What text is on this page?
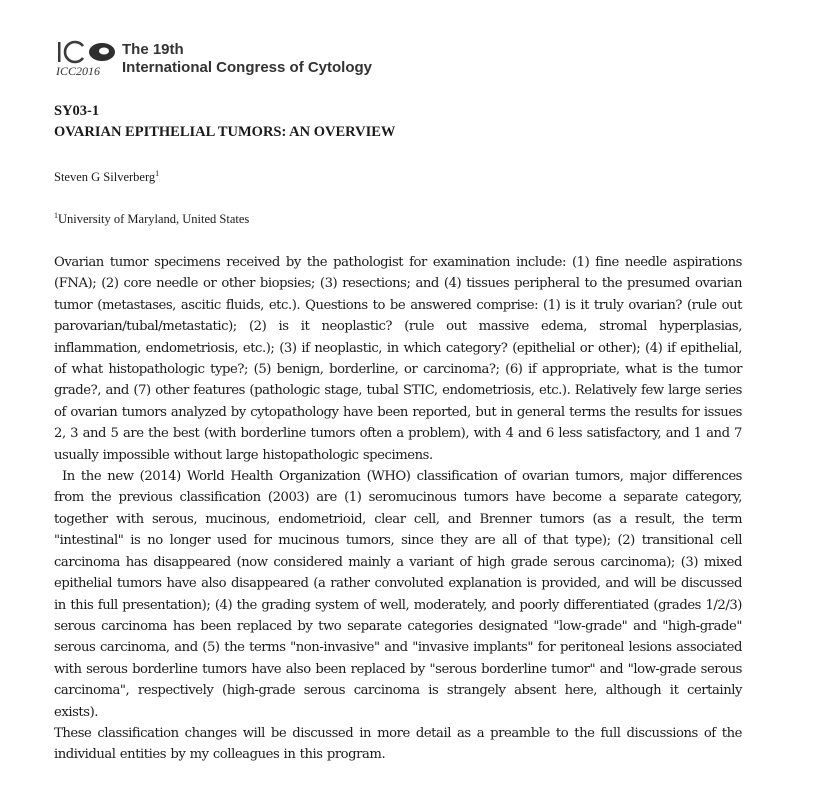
ICC2016
The 19th
International Congress of Cytology
SY03-1
OVARIAN EPITHELIAL TUMORS: AN OVERVIEW
Steven G Silverberg$^1$
$^1$University of Maryland, United States

Ovarian tumor specimens received by the pathologist for examination include: (1) fine needle aspirations (FNA); (2) core needle or other biopsies; (3) resections; and (4) tissues peripheral to the presumed ovarian tumor (metastases, ascitic fluids, etc.). Questions to be answered comprise: (1) is it truly ovarian? (rule out parovarian/tubal/metastatic); (2) is it neoplastic? (rule out massive edema, stromal hyperplasias, inflammation, endometriosis, etc.); (3) if neoplastic, in which category? (epithelial or other); (4) if epithelial, of what histopathologic type?; (5) benign, borderline, or carcinoma?; (6) if appropriate, what is the tumor grade?, and (7) other features (pathologic stage, tubal STIC, endometriosis, etc.). Relatively few large series of ovarian tumors analyzed by cytopathology have been reported, but in general terms the results for issues 2, 3 and 5 are the best (with borderline tumors often a problem), with 4 and 6 less satisfactory, and 1 and 7 usually impossible without large histopathologic specimens.

In the new (2014) World Health Organization (WHO) classification of ovarian tumors, major differences from the previous classification (2003) are (1) seromucinous tumors have become a separate category, together with serous, mucinous, endometrioid, clear cell, and Brenner tumors (as a result, the term "intestinal" is no longer used for mucinous tumors, since they are all of that type); (2) transitional cell carcinoma has disappeared (now considered mainly a variant of high grade serous carcinoma); (3) mixed epithelial tumors have also disappeared (a rather convoluted explanation is provided, and will be discussed in this full presentation); (4) the grading system of well, moderately, and poorly differentiated (grades 1/2/3) serous carcinoma has been replaced by two separate categories designated "low-grade" and "high-grade" serous carcinoma, and (5) the terms "non-invasive" and "invasive implants" for peritoneal lesions associated with serous borderline tumors have also been replaced by "serous borderline tumor" and "low-grade serous carcinoma", respectively (high-grade serous carcinoma is strangely absent here, although it certainly exists).

These classification changes will be discussed in more detail as a preamble to the full discussions of the individual entities by my colleagues in this program.
